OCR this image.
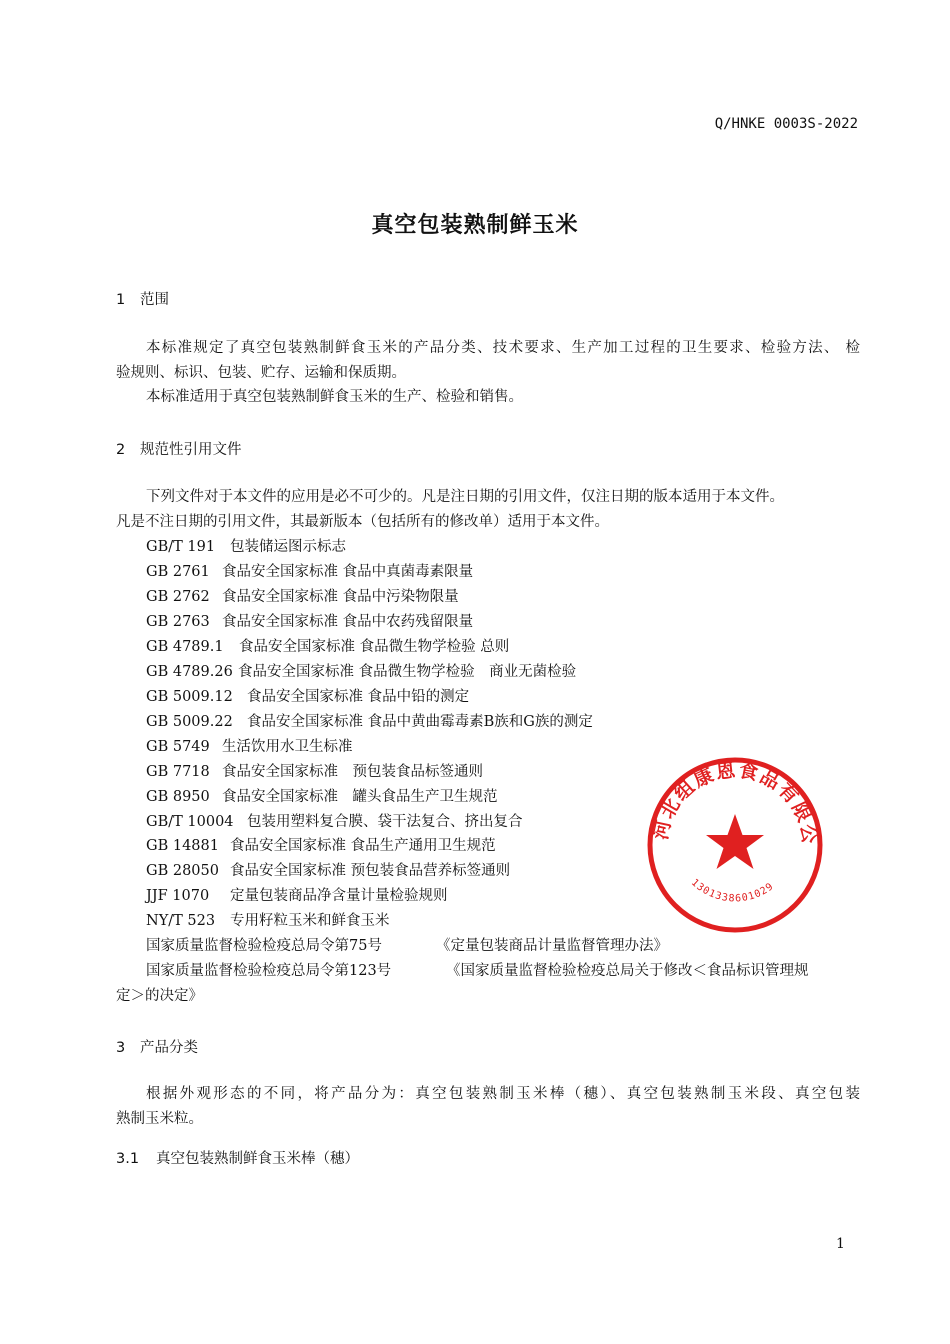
Q/HNKE 0003S-2022
真空包装熟制鲜玉米
1 范围
本标准规定了真空包装熟制鲜食玉米的产品分类、技术要求、生产加工过程的卫生要求、检验方法、 检
验规则、标识、包装、贮存、运输和保质期。
本标准适用于真空包装熟制鲜食玉米的生产、检验和销售。
2 规范性引用文件
下列文件对于本文件的应用是必不可少的。凡是注日期的引用文件，仅注日期的版本适用于本文件。
凡是不注日期的引用文件，其最新版本（包括所有的修改单）适用于本文件。
GB/T 191 包装储运图示标志
GB 2761 食品安全国家标准 食品中真菌毒素限量
GB 2762 食品安全国家标准 食品中污染物限量
GB 2763 食品安全国家标准 食品中农药残留限量
GB 4789.1 食品安全国家标准 食品微生物学检验 总则
GB 4789.26 食品安全国家标准 食品微生物学检验　商业无菌检验
GB 5009.12 食品安全国家标准 食品中铅的测定
GB 5009.22 食品安全国家标准 食品中黄曲霉毒素B族和G族的测定
GB 5749 生活饮用水卫生标准
GB 7718 食品安全国家标准　预包装食品标签通则
GB 8950 食品安全国家标准　罐头食品生产卫生规范
GB/T 10004 包装用塑料复合膜、袋干法复合、挤出复合
GB 14881 食品安全国家标准 食品生产通用卫生规范
GB 28050 食品安全国家标准 预包装食品营养标签通则
JJF 1070 定量包装商品净含量计量检验规则
NY/T 523 专用籽粒玉米和鲜食玉米
国家质量监督检验检疫总局令第75号	《定量包装商品计量监督管理办法》
国家质量监督检验检疫总局令第123号	《国家质量监督检验检疫总局关于修改＜食品标识管理规
定＞的决定》
3 产品分类
根据外观形态的不同，将产品分为：真空包装熟制玉米棒（穗）、真空包装熟制玉米段、真空包装
熟制玉米粒。
3.1 真空包装熟制鲜食玉米棒（穗）
河北组康恩食品有限公
1301338601029
1
